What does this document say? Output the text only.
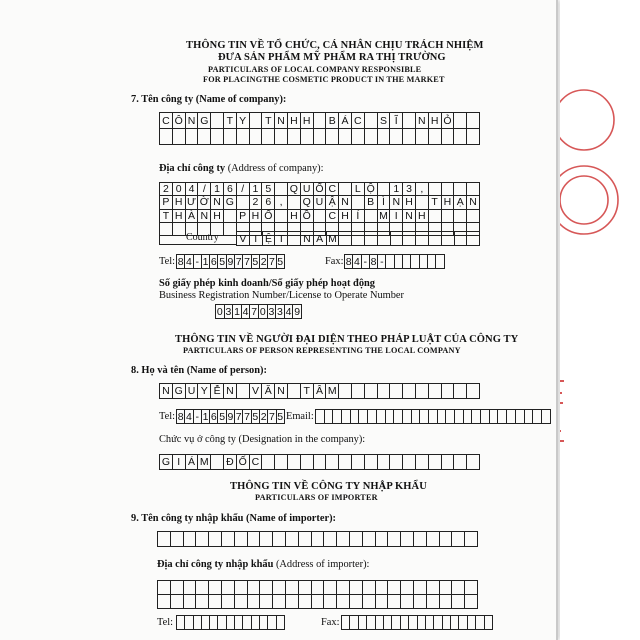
THÔNG TIN VỀ TỔ CHỨC, CÁ NHÂN CHỊU TRÁCH NHIỆM
ĐƯA SẢN PHẨM MỸ PHẨM RA THỊ TRƯỜNG
PARTICULARS OF LOCAL COMPANY RESPONSIBLE
FOR PLACINGTHE COSMETIC PRODUCT IN THE MARKET
7. Tên công ty (Name of company):
C Ô N G T Y	T N H H B Á C S Ĩ	N H Ỏ
Địa chỉ công ty (Address of company):
2 0 4 / 1 6 / 1 5	Q U Ố C L Ộ 1 3 ,
P H Ư Ờ N G 2 6 ,	Q U Ậ N B Ì N H T H Ạ N
T H À N H P H Ố H Ồ C H Í	M I N H
Country	V I Ệ T	N A M
Tel: 8 4 - 1 6 5 9 7 7 5 2 7 5	Fax: 8 4 - 8 -
Số giấy phép kinh doanh/Số giấy phép hoạt động
Business Registration Number/License to Operate Number
0 3 1 4 7 0 3 3 4 9
THÔNG TIN VỀ NGƯỜI ĐẠI DIỆN THEO PHÁP LUẬT CỦA CÔNG TY
PARTICULARS OF PERSON REPRESENTING THE LOCAL COMPANY
8. Họ và tên (Name of person):
N G U Y Ễ N V Ă N T Â M
Tel: 8 4 - 1 6 5 9 7 7 5 2 7 5 Email:
Chức vụ ở công ty (Designation in the company):
G I Á M Đ Ố C
THÔNG TIN VỀ CÔNG TY NHẬP KHẨU
PARTICULARS OF IMPORTER
9. Tên công ty nhập khẩu (Name of importer):
Địa chỉ công ty nhập khẩu (Address of importer):
Tel:	Fax:
